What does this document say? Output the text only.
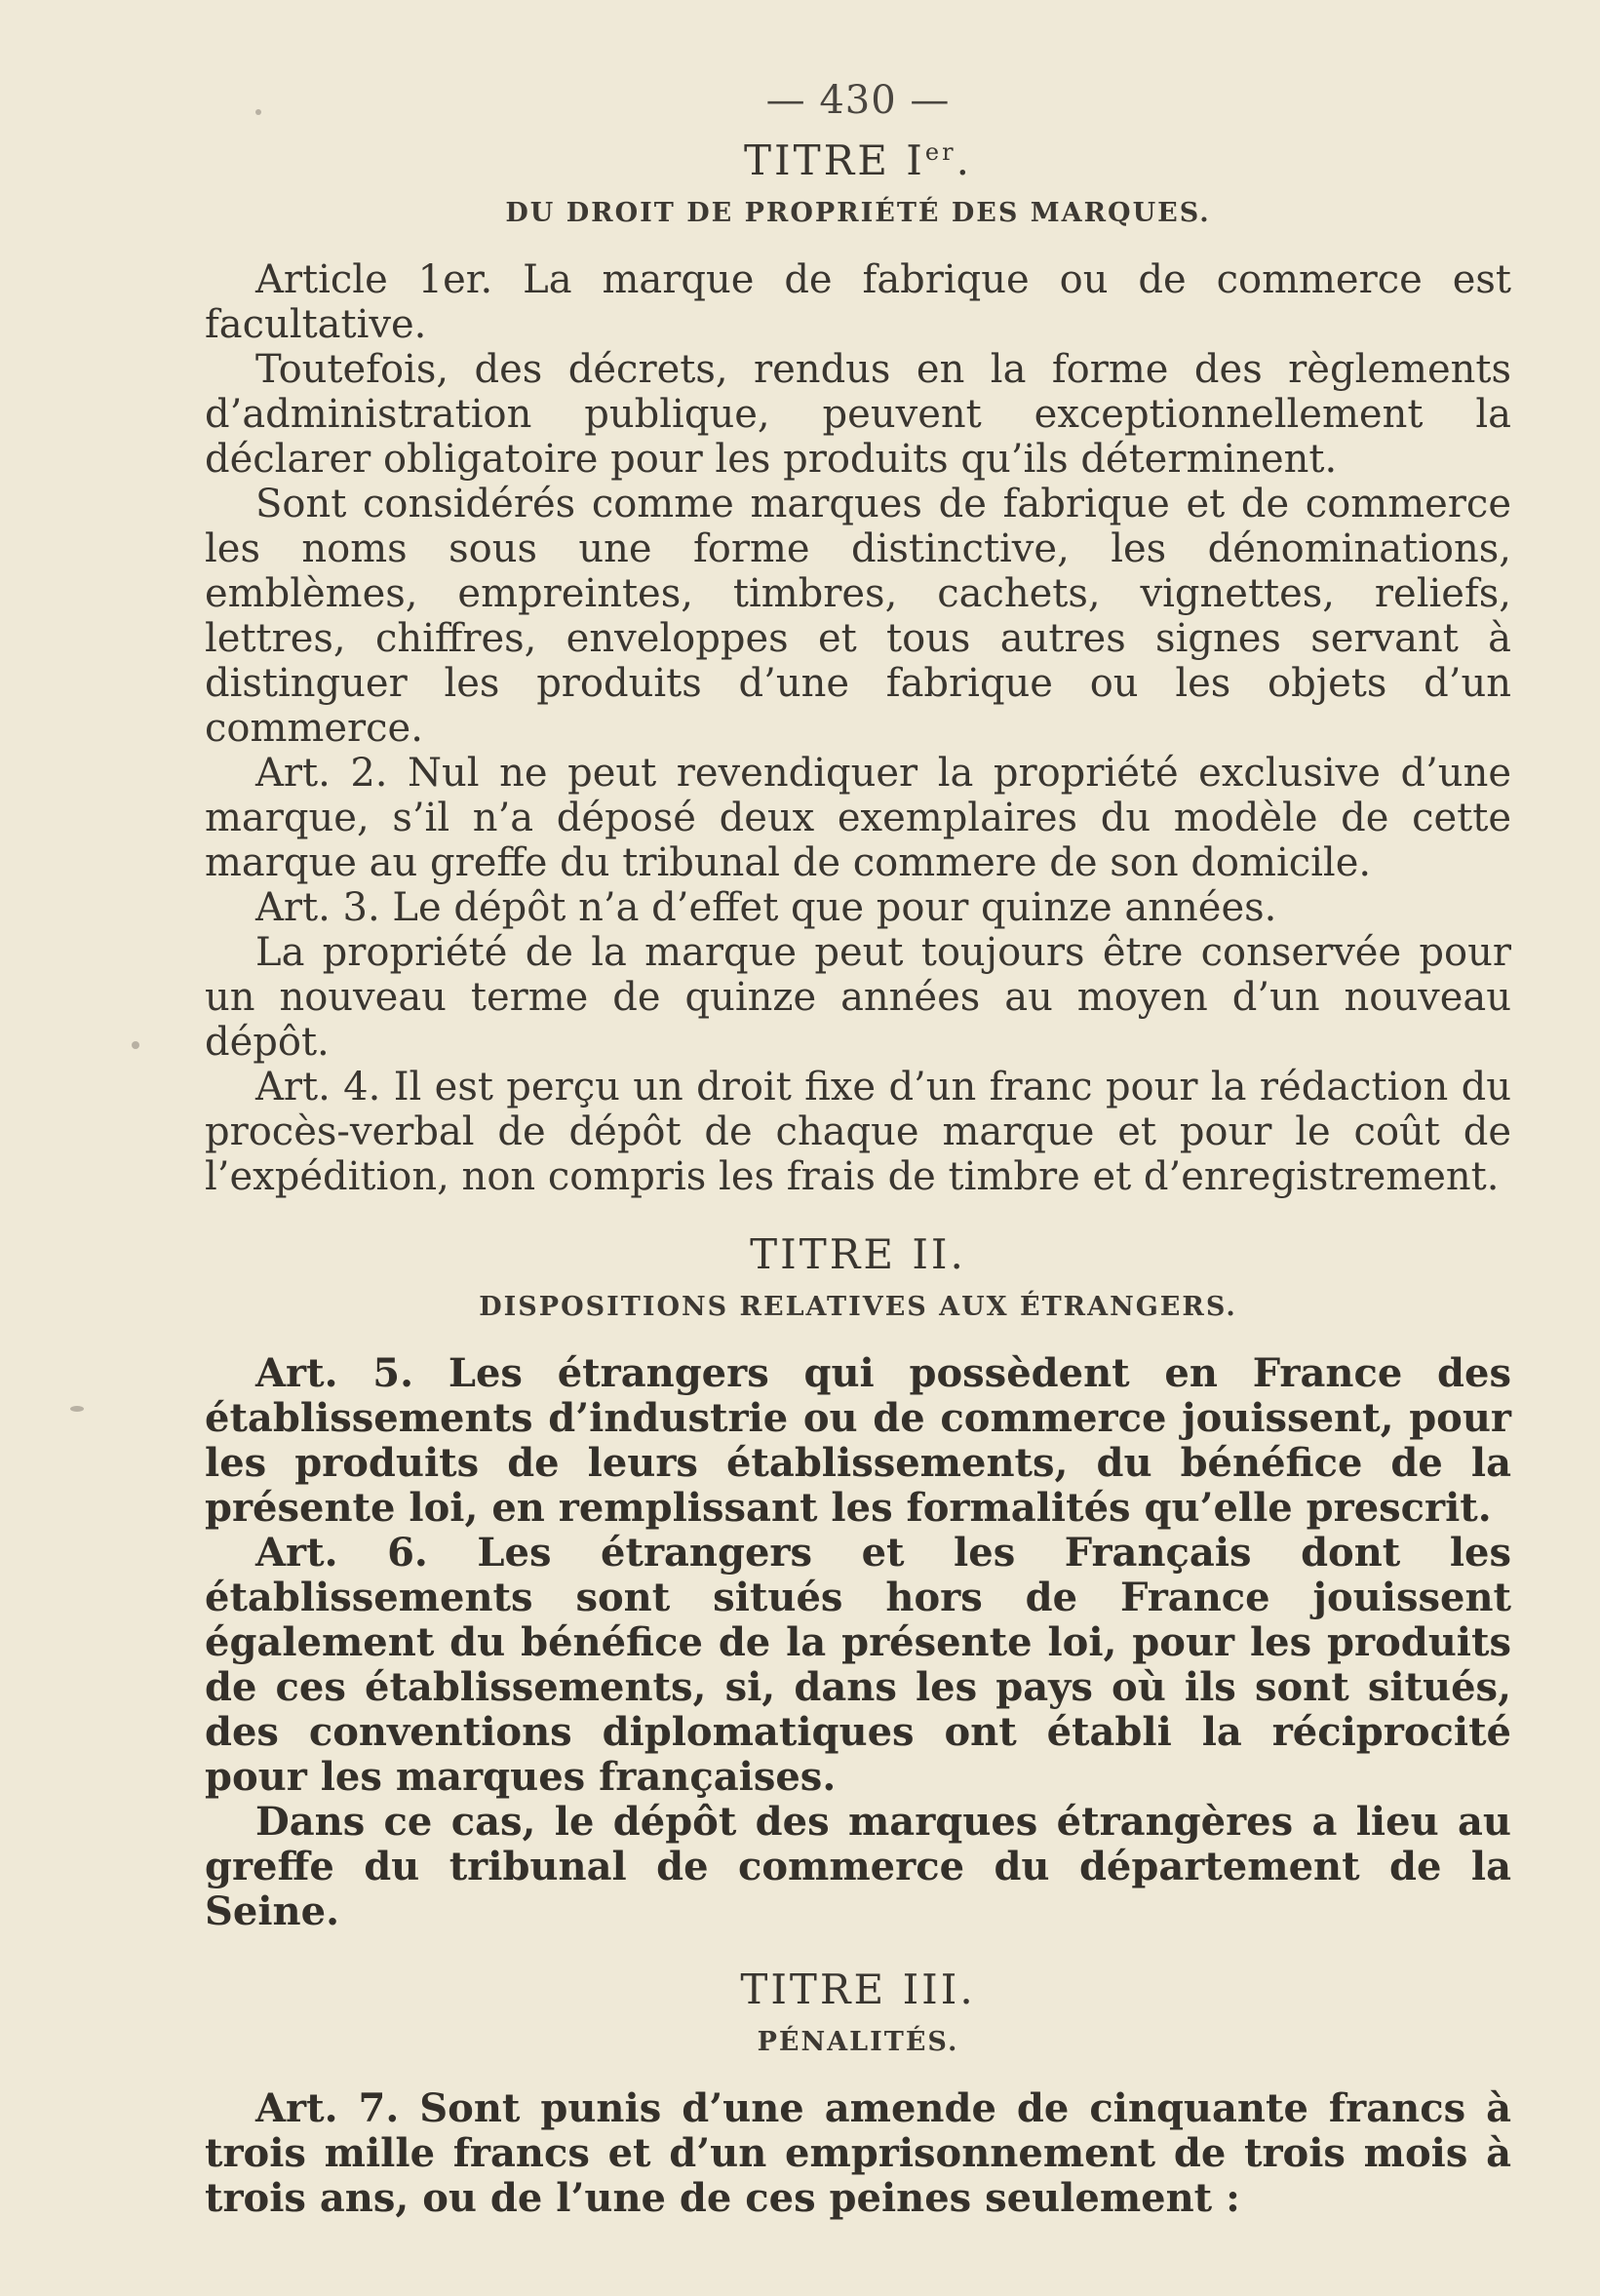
— 430 —
TITRE Ier.
DU DROIT DE PROPRIÉTÉ DES MARQUES.

Article 1er. La marque de fabrique ou de commerce est facultative.

Toutefois, des décrets, rendus en la forme des règlements d’administration publique, peuvent exceptionnellement la déclarer obligatoire pour les produits qu’ils déterminent.

Sont considérés comme marques de fabrique et de commerce les noms sous une forme distinctive, les dénominations, emblèmes, empreintes, timbres, cachets, vignettes, reliefs, lettres, chiffres, enveloppes et tous autres signes servant à distinguer les produits d’une fabrique ou les objets d’un commerce.

Art. 2. Nul ne peut revendiquer la propriété exclusive d’une marque, s’il n’a déposé deux exemplaires du modèle de cette marque au greffe du tribunal de commere de son domicile.

Art. 3. Le dépôt n’a d’effet que pour quinze années.

La propriété de la marque peut toujours être conservée pour un nouveau terme de quinze années au moyen d’un nouveau dépôt.

Art. 4. Il est perçu un droit fixe d’un franc pour la rédaction du procès-verbal de dépôt de chaque marque et pour le coût de l’expédition, non compris les frais de timbre et d’enregistrement.

TITRE II.
DISPOSITIONS RELATIVES AUX ÉTRANGERS.

Art. 5. Les étrangers qui possèdent en France des établissements d’industrie ou de commerce jouissent, pour les produits de leurs établissements, du bénéfice de la présente loi, en remplissant les formalités qu’elle prescrit.

Art. 6. Les étrangers et les Français dont les établissements sont situés hors de France jouissent également du bénéfice de la présente loi, pour les produits de ces établissements, si, dans les pays où ils sont situés, des conventions diplomatiques ont établi la réciprocité pour les marques françaises.

Dans ce cas, le dépôt des marques étrangères a lieu au greffe du tribunal de commerce du département de la Seine.

TITRE III.
PÉNALITÉS.

Art. 7. Sont punis d’une amende de cinquante francs à trois mille francs et d’un emprisonnement de trois mois à trois ans, ou de l’une de ces peines seulement :
